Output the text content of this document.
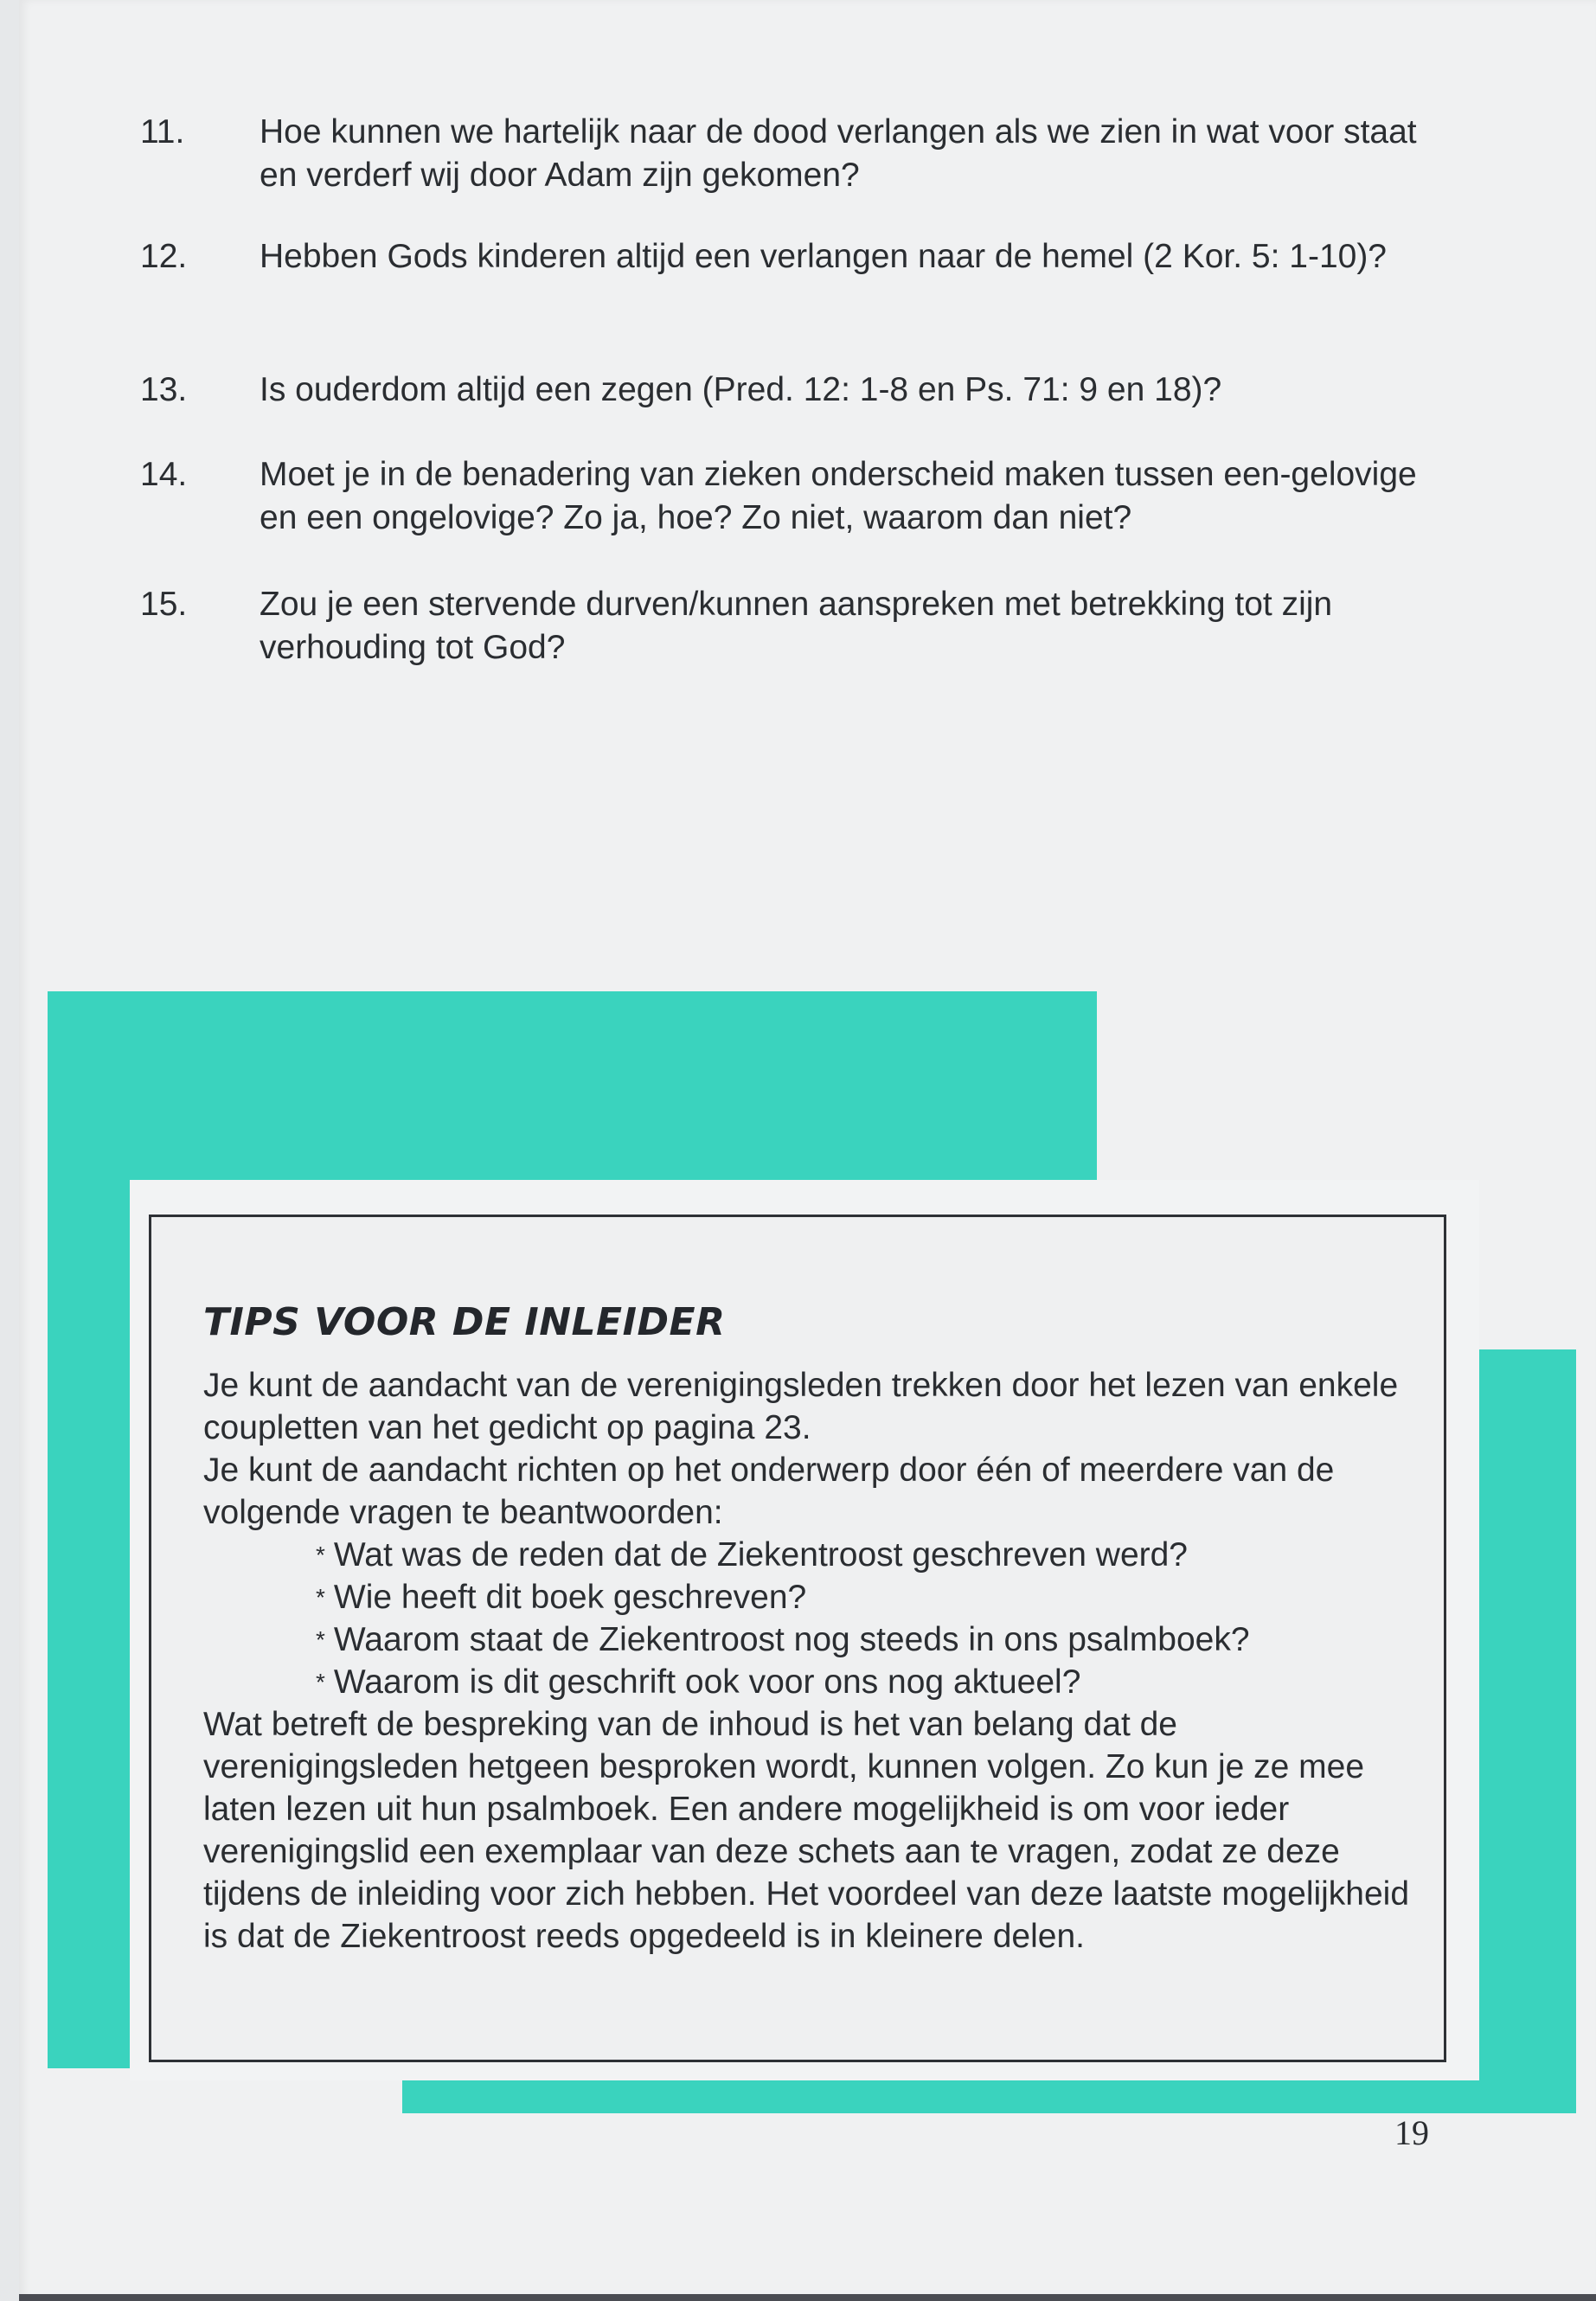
11.	Hoe kunnen we hartelijk naar de dood verlangen als we zien in wat voor staat en verderf wij door Adam zijn gekomen?
12.	Hebben Gods kinderen altijd een verlangen naar de hemel (2 Kor. 5: 1-10)?
13.	Is ouderdom altijd een zegen (Pred. 12: 1-8 en Ps. 71: 9 en 18)?
14.	Moet je in de benadering van zieken onderscheid maken tussen een-gelovige en een ongelovige? Zo ja, hoe? Zo niet, waarom dan niet?
15.	Zou je een stervende durven/kunnen aanspreken met betrekking tot zijn verhouding tot God?
TIPS VOOR DE INLEIDER

Je kunt de aandacht van de verenigingsleden trekken door het lezen van enkele coupletten van het gedicht op pagina 23.

Je kunt de aandacht richten op het onderwerp door één of meerdere van de volgende vragen te beantwoorden:

* Wat was de reden dat de Ziekentroost geschreven werd?

* Wie heeft dit boek geschreven?

* Waarom staat de Ziekentroost nog steeds in ons psalmboek?

* Waarom is dit geschrift ook voor ons nog aktueel?

Wat betreft de bespreking van de inhoud is het van belang dat de verenigingsleden hetgeen besproken wordt, kunnen volgen. Zo kun je ze mee laten lezen uit hun psalmboek. Een andere mogelijkheid is om voor ieder verenigingslid een exemplaar van deze schets aan te vragen, zodat ze deze tijdens de inleiding voor zich hebben. Het voordeel van deze laatste mogelijkheid is dat de Ziekentroost reeds opgedeeld is in kleinere delen.

19
